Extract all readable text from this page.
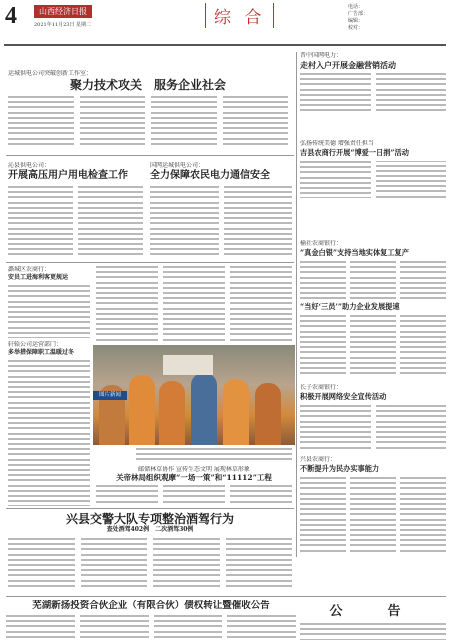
4	山西经济日报
2021年11月23日 星期二	综 合
电话：
广告部：
编辑：
校对：
运城供电公司突破创新工作室：
聚力技术攻关　服务企业社会
沁县供电公司：
开展高压用户用电检查工作
国网运城供电公司：
全力保障农民电力通信安全
潞城区农商行：
安员工进海利客更规运
轩辕公司运营部门：
多举措保障职工温暖过冬
图片新闻
邮储林草协作 宣传生态文明 展现林草形象
关帝林局组织观摩“一场一策”和“11112”工程
兴县交警大队专项整治酒驾行为
查处酒驾402例　二次酒驾30例
晋中国网电力：
走村入户开展金融营销活动
弘扬传统美德 增强责任担当
吉县农商行开展“博爱一日捐”活动
榆社农商银行：
“真金白银”支持当地实体复工复产
“当好‘三员’”助力企业发展提速
长子农商银行：
积极开展网络安全宣传活动
兴县农商行：
不断提升为民办实事能力
芜湖新扬投资合伙企业（有限合伙）债权转让暨催收公告	公　告
